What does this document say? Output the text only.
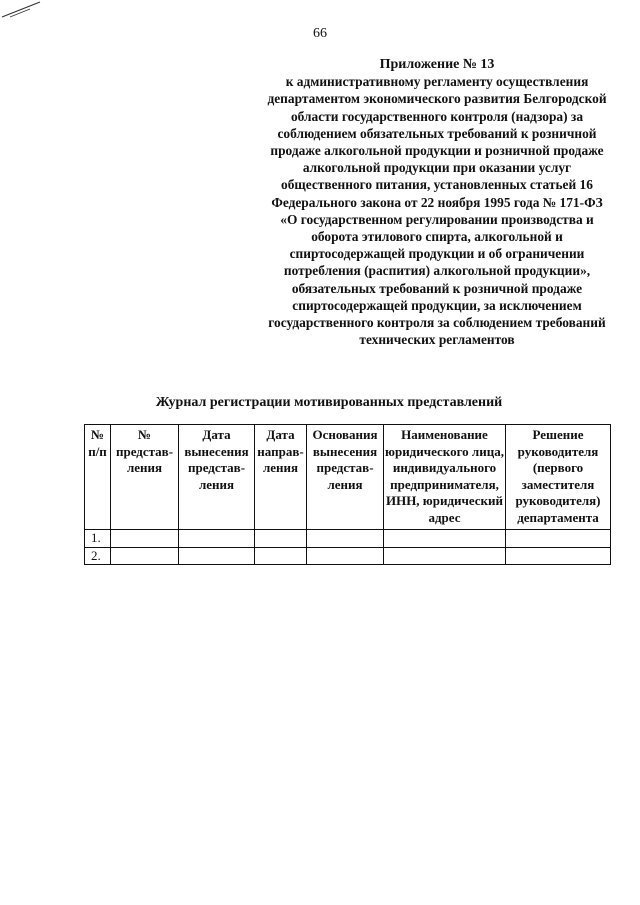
66
Приложение № 13
к административному регламенту осуществления департаментом экономического развития Белгородской области государственного контроля (надзора) за соблюдением обязательных требований к розничной продаже алкогольной продукции и розничной продаже алкогольной продукции при оказании услуг общественного питания, установленных статьей 16 Федерального закона от 22 ноября 1995 года № 171-ФЗ «О государственном регулировании производства и оборота этилового спирта, алкогольной и спиртосодержащей продукции и об ограничении потребления (распития) алкогольной продукции», обязательных требований к розничной продаже спиртосодержащей продукции, за исключением государственного контроля за соблюдением требований технических регламентов
Журнал регистрации мотивированных представлений
№ п/п	№ представ-ления	Дата вынесения представ-ления	Дата направ-ления	Основания вынесения представ-ления	Наименование юридического лица, индивидуального предпринимателя, ИНН, юридический адрес	Решение руководителя (первого заместителя руководителя) департамента
1.						
2.						
